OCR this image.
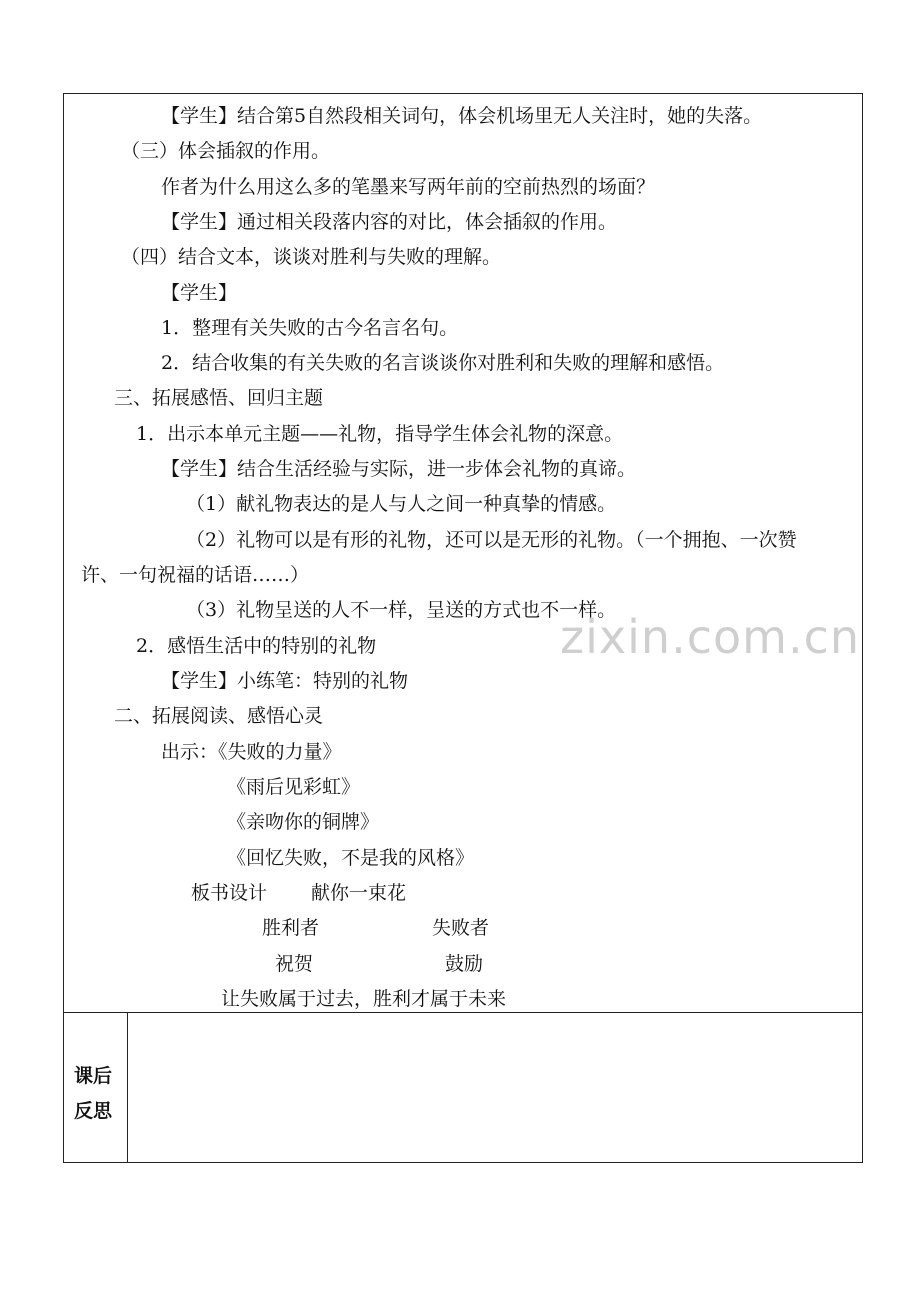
【学生】结合第5自然段相关词句，体会机场里无人关注时，她的失落。
（三）体会插叙的作用。
作者为什么用这么多的笔墨来写两年前的空前热烈的场面？
【学生】通过相关段落内容的对比，体会插叙的作用。
（四）结合文本，谈谈对胜利与失败的理解。
【学生】
1．整理有关失败的古今名言名句。
2．结合收集的有关失败的名言谈谈你对胜利和失败的理解和感悟。
三、拓展感悟、回归主题
1．出示本单元主题——礼物，指导学生体会礼物的深意。
【学生】结合生活经验与实际，进一步体会礼物的真谛。
（1）献礼物表达的是人与人之间一种真挚的情感。
（2）礼物可以是有形的礼物，还可以是无形的礼物。（一个拥抱、一次赞
许、一句祝福的话语……）
（3）礼物呈送的人不一样，呈送的方式也不一样。
2．感悟生活中的特别的礼物
【学生】小练笔：特别的礼物
二、拓展阅读、感悟心灵
出示：《失败的力量》
《雨后见彩虹》
《亲吻你的铜牌》
《回忆失败，不是我的风格》
板书设计 献你一束花
胜利者	失败者
祝贺	鼓励
让失败属于过去，胜利才属于未来
课后
反思
zixin.com.cn
